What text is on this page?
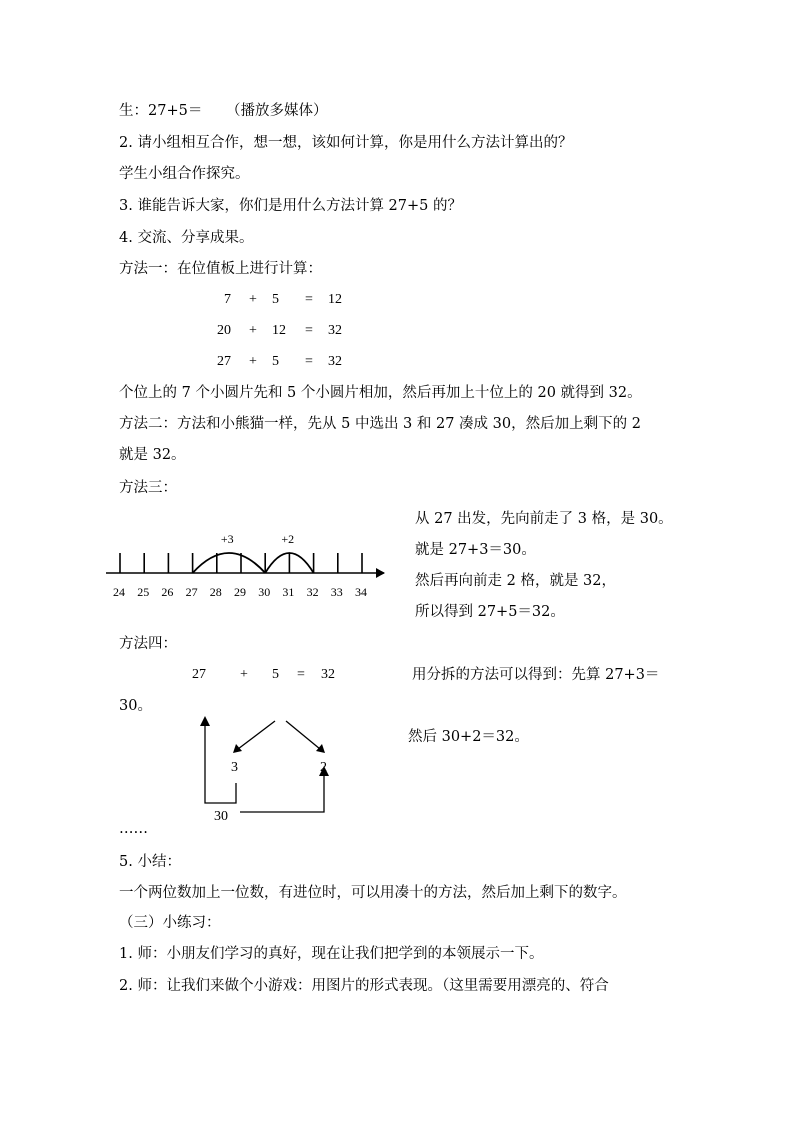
生：27+5＝ （播放多媒体）
2. 请小组相互合作，想一想，该如何计算，你是用什么方法计算出的？
学生小组合作探究。
3. 谁能告诉大家，你们是用什么方法计算 27+5 的？
4. 交流、分享成果。
方法一：在位值板上进行计算：
7 + 5 = 12
20 + 12 = 32
27 + 5 = 32
个位上的 7 个小圆片先和 5 个小圆片相加，然后再加上十位上的 20 就得到 32。
方法二：方法和小熊猫一样，先从 5 中选出 3 和 27 凑成 30，然后加上剩下的 2
就是 32。
方法三：
24 25 26 27 28 29 30 31 32 33 34
+3	+2
从 27 出发，先向前走了 3 格，是 30。
就是 27+3＝30。
然后再向前走 2 格，就是 32，
所以得到 27+5＝32。
方法四：
27 + 5 = 32	用分拆的方法可以得到：先算 27+3＝
30。
然后 30+2＝32。
3	2
30
……
5. 小结：
一个两位数加上一位数，有进位时，可以用凑十的方法，然后加上剩下的数字。
（三）小练习：
1. 师：小朋友们学习的真好，现在让我们把学到的本领展示一下。
2. 师：让我们来做个小游戏：用图片的形式表现。（这里需要用漂亮的、符合
